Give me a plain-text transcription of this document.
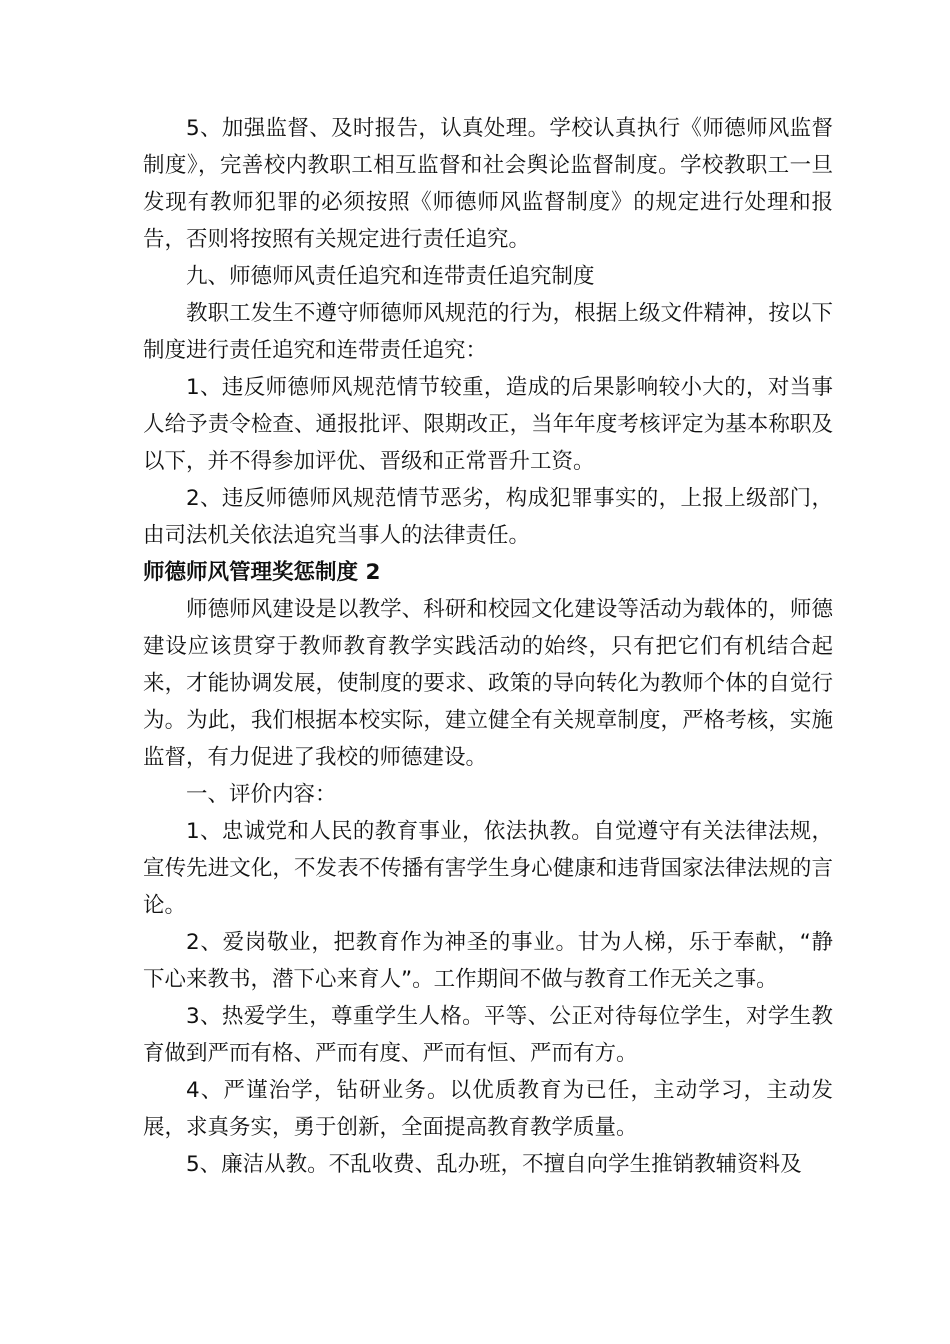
5、加强监督、及时报告，认真处理。学校认真执行《师德师风监督制度》，完善校内教职工相互监督和社会舆论监督制度。学校教职工一旦发现有教师犯罪的必须按照《师德师风监督制度》的规定进行处理和报告，否则将按照有关规定进行责任追究。

九、师德师风责任追究和连带责任追究制度

教职工发生不遵守师德师风规范的行为，根据上级文件精神，按以下制度进行责任追究和连带责任追究：

1、违反师德师风规范情节较重，造成的后果影响较小大的，对当事人给予责令检查、通报批评、限期改正，当年年度考核评定为基本称职及以下，并不得参加评优、晋级和正常晋升工资。

2、违反师德师风规范情节恶劣，构成犯罪事实的，上报上级部门，由司法机关依法追究当事人的法律责任。

师德师风管理奖惩制度 2

师德师风建设是以教学、科研和校园文化建设等活动为载体的，师德建设应该贯穿于教师教育教学实践活动的始终，只有把它们有机结合起来，才能协调发展，使制度的要求、政策的导向转化为教师个体的自觉行为。为此，我们根据本校实际，建立健全有关规章制度，严格考核，实施监督，有力促进了我校的师德建设。

一、评价内容：

1、忠诚党和人民的教育事业，依法执教。自觉遵守有关法律法规，宣传先进文化，不发表不传播有害学生身心健康和违背国家法律法规的言论。

2、爱岗敬业，把教育作为神圣的事业。甘为人梯，乐于奉献，“静下心来教书，潜下心来育人”。工作期间不做与教育工作无关之事。

3、热爱学生，尊重学生人格。平等、公正对待每位学生，对学生教育做到严而有格、严而有度、严而有恒、严而有方。

4、严谨治学，钻研业务。以优质教育为已任，主动学习，主动发展，求真务实，勇于创新，全面提高教育教学质量。

5、廉洁从教。不乱收费、乱办班，不擅自向学生推销教辅资料及
